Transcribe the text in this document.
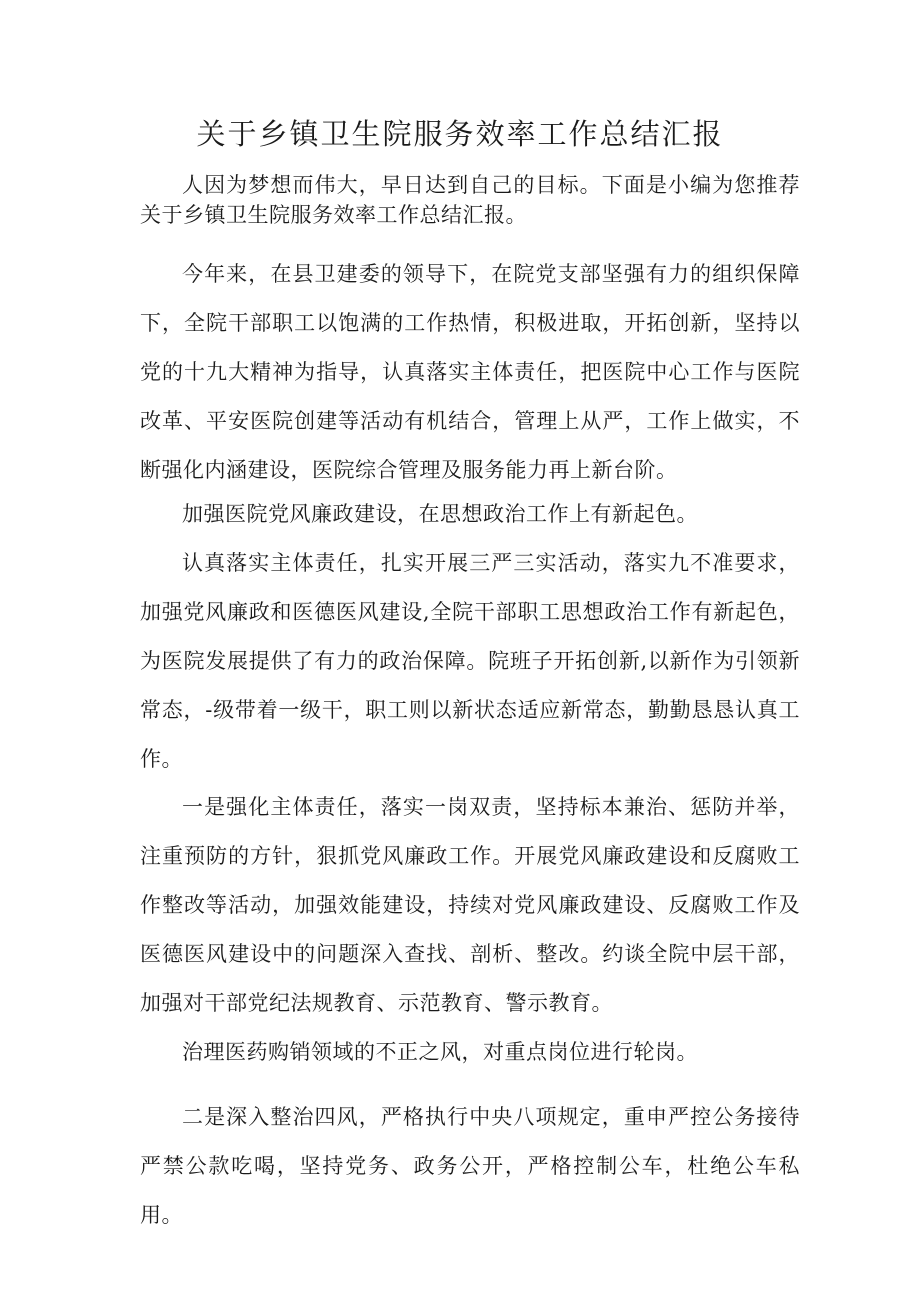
关于乡镇卫生院服务效率工作总结汇报

人因为梦想而伟大，早日达到自己的目标。下面是小编为您推荐关于乡镇卫生院服务效率工作总结汇报。

今年来，在县卫建委的领导下，在院党支部坚强有力的组织保障下，全院干部职工以饱满的工作热情，积极进取，开拓创新，坚持以党的十九大精神为指导，认真落实主体责任，把医院中心工作与医院改革、平安医院创建等活动有机结合，管理上从严，工作上做实，不断强化内涵建设，医院综合管理及服务能力再上新台阶。

加强医院党风廉政建设，在思想政治工作上有新起色。

认真落实主体责任，扎实开展三严三实活动，落实九不准要求，加强党风廉政和医德医风建设,全院干部职工思想政治工作有新起色，为医院发展提供了有力的政治保障。院班子开拓创新,以新作为引领新常态，-级带着一级干，职工则以新状态适应新常态，勤勤恳恳认真工作。

一是强化主体责任，落实一岗双责，坚持标本兼治、惩防并举，注重预防的方针，狠抓党风廉政工作。开展党风廉政建设和反腐败工作整改等活动，加强效能建设，持续对党风廉政建设、反腐败工作及医德医风建设中的问题深入查找、剖析、整改。约谈全院中层干部，加强对干部党纪法规教育、示范教育、警示教育。

治理医药购销领域的不正之风，对重点岗位进行轮岗。

二是深入整治四风，严格执行中央八项规定，重申严控公务接待严禁公款吃喝，坚持党务、政务公开，严格控制公车，杜绝公车私用。
